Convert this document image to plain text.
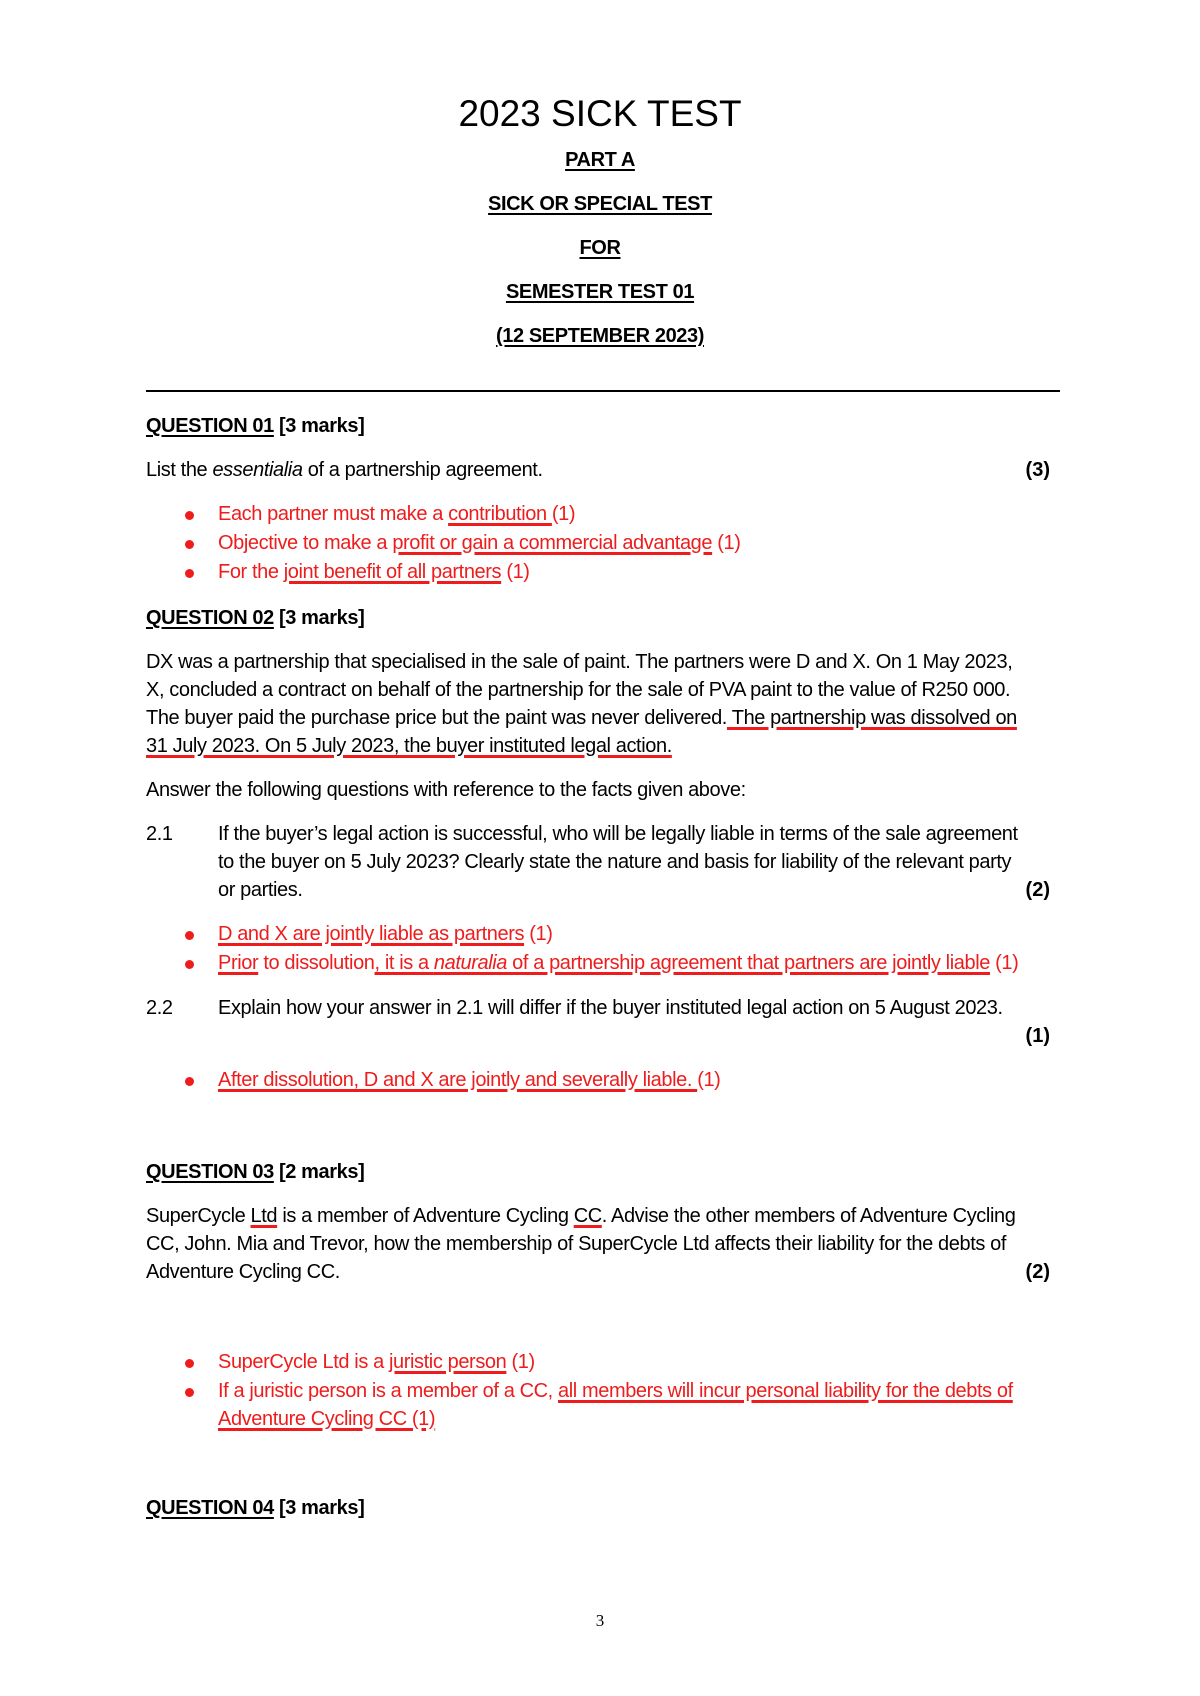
2023 SICK TEST
PART A
SICK OR SPECIAL TEST
FOR
SEMESTER TEST 01
(12 SEPTEMBER 2023)
QUESTION 01 [3 marks]
List the essentialia of a partnership agreement.	(3)
Each partner must make a contribution (1)
Objective to make a profit or gain a commercial advantage (1)
For the joint benefit of all partners (1)
QUESTION 02 [3 marks]
DX was a partnership that specialised in the sale of paint. The partners were D and X. On 1 May 2023,
X, concluded a contract on behalf of the partnership for the sale of PVA paint to the value of R250 000.
The buyer paid the purchase price but the paint was never delivered. The partnership was dissolved on
31 July 2023. On 5 July 2023, the buyer instituted legal action.
Answer the following questions with reference to the facts given above:
2.1 If the buyer’s legal action is successful, who will be legally liable in terms of the sale agreement
to the buyer on 5 July 2023? Clearly state the nature and basis for liability of the relevant party
or parties.	(2)
D and X are jointly liable as partners (1)
Prior to dissolution, it is a naturalia of a partnership agreement that partners are jointly liable (1)
2.2 Explain how your answer in 2.1 will differ if the buyer instituted legal action on 5 August 2023.
(1)
After dissolution, D and X are jointly and severally liable. (1)
QUESTION 03 [2 marks]
SuperCycle Ltd is a member of Adventure Cycling CC. Advise the other members of Adventure Cycling
CC, John. Mia and Trevor, how the membership of SuperCycle Ltd affects their liability for the debts of
Adventure Cycling CC.	(2)
SuperCycle Ltd is a juristic person (1)
If a juristic person is a member of a CC, all members will incur personal liability for the debts of
Adventure Cycling CC (1)
QUESTION 04 [3 marks]
3
